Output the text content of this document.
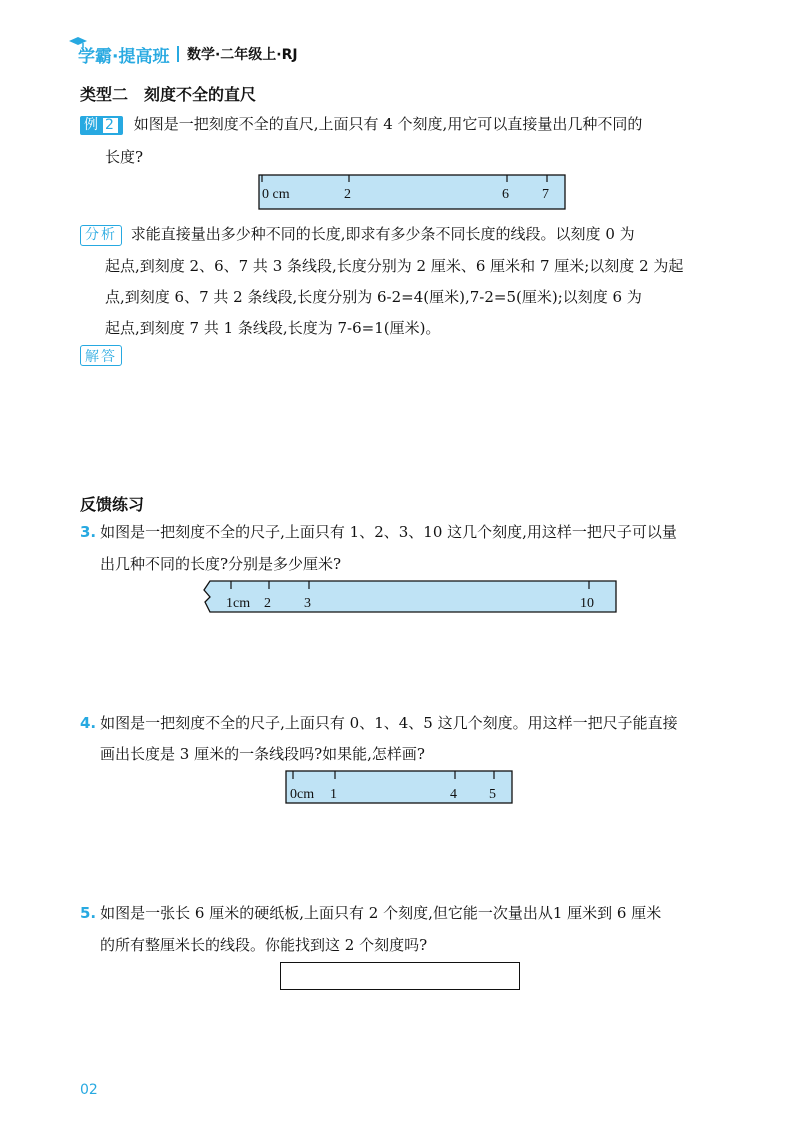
学霸·提高班 数学·二年级上·RJ
类型二　刻度不全的直尺
例 2 如图是一把刻度不全的直尺,上面只有 4 个刻度,用它可以直接量出几种不同的
长度?
0 cm	2	6 7
分析 求能直接量出多少种不同的长度,即求有多少条不同长度的线段。以刻度 0 为
起点,到刻度 2、6、7 共 3 条线段,长度分别为 2 厘米、6 厘米和 7 厘米;以刻度 2 为起
点,到刻度 6、7 共 2 条线段,长度分别为 6-2=4(厘米),7-2=5(厘米);以刻度 6 为
起点,到刻度 7 共 1 条线段,长度为 7-6=1(厘米)。
解答
反馈练习
3. 如图是一把刻度不全的尺子,上面只有 1、2、3、10 这几个刻度,用这样一把尺子可以量
出几种不同的长度?分别是多少厘米?
1cm 2 3	10
4. 如图是一把刻度不全的尺子,上面只有 0、1、4、5 这几个刻度。用这样一把尺子能直接
画出长度是 3 厘米的一条线段吗?如果能,怎样画?
0cm 1	4 5
5. 如图是一张长 6 厘米的硬纸板,上面只有 2 个刻度,但它能一次量出从1 厘米到 6 厘米
的所有整厘米长的线段。你能找到这 2 个刻度吗?
02
